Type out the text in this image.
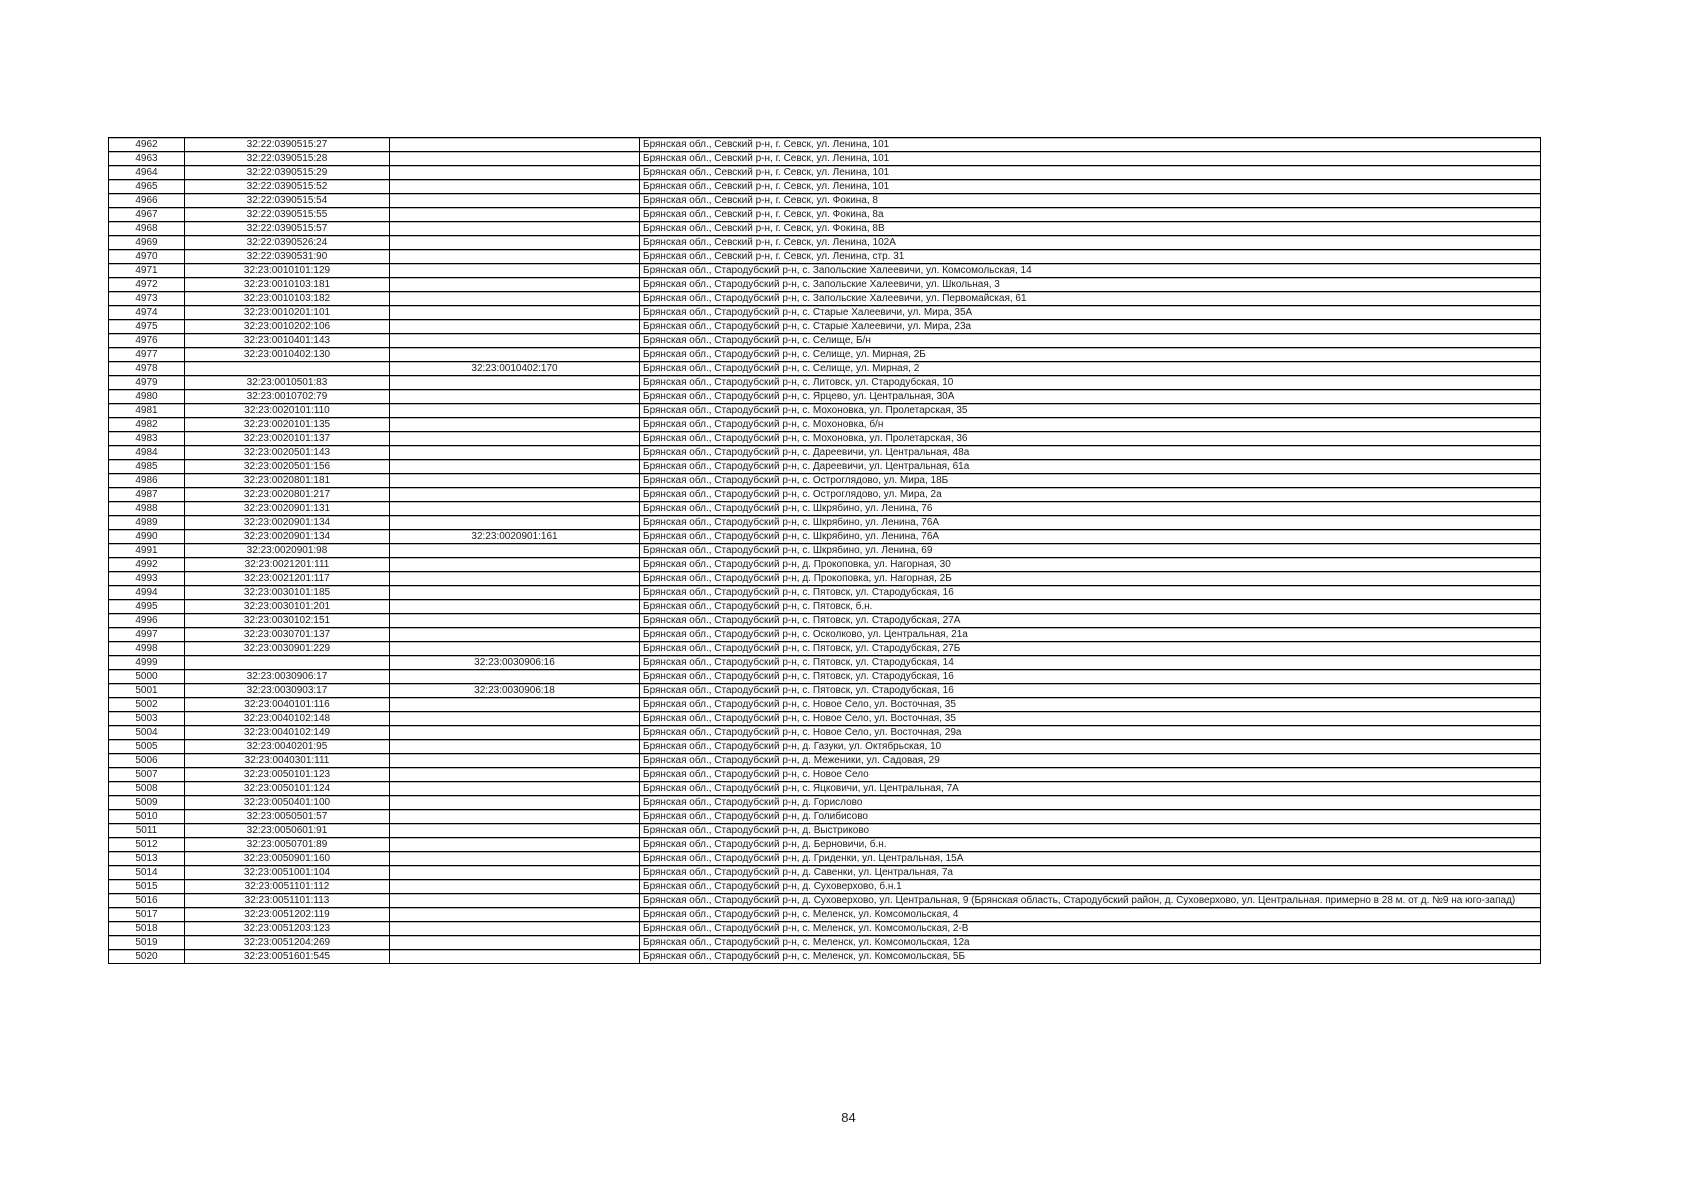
4962	32:22:0390515:27		Брянская обл., Севский р-н, г. Севск, ул. Ленина, 101
4963	32:22:0390515:28		Брянская обл., Севский р-н, г. Севск, ул. Ленина, 101
4964	32:22:0390515:29		Брянская обл., Севский р-н, г. Севск, ул. Ленина, 101
4965	32:22:0390515:52		Брянская обл., Севский р-н, г. Севск, ул. Ленина, 101
4966	32:22:0390515:54		Брянская обл., Севский р-н, г. Севск, ул. Фокина, 8
4967	32:22:0390515:55		Брянская обл., Севский р-н, г. Севск, ул. Фокина, 8а
4968	32:22:0390515:57		Брянская обл., Севский р-н, г. Севск, ул. Фокина, 8В
4969	32:22:0390526:24		Брянская обл., Севский р-н, г. Севск, ул. Ленина, 102А
4970	32:22:0390531:90		Брянская обл., Севский р-н, г. Севск, ул. Ленина, стр. 31
4971	32:23:0010101:129		Брянская обл., Стародубский р-н, с. Запольские Халеевичи, ул. Комсомольская, 14
4972	32:23:0010103:181		Брянская обл., Стародубский р-н, с. Запольские Халеевичи, ул. Школьная, 3
4973	32:23:0010103:182		Брянская обл., Стародубский р-н, с. Запольские Халеевичи, ул. Первомайская, 61
4974	32:23:0010201:101		Брянская обл., Стародубский р-н, с. Старые Халеевичи, ул. Мира, 35А
4975	32:23:0010202:106		Брянская обл., Стародубский р-н, с. Старые Халеевичи, ул. Мира, 23а
4976	32:23:0010401:143		Брянская обл., Стародубский р-н, с. Селище, Б/н
4977	32:23:0010402:130		Брянская обл., Стародубский р-н, с. Селище, ул. Мирная, 2Б
4978		32:23:0010402:170	Брянская обл., Стародубский р-н, с. Селище, ул. Мирная, 2
4979	32:23:0010501:83		Брянская обл., Стародубский р-н, с. Литовск, ул. Стародубская, 10
4980	32:23:0010702:79		Брянская обл., Стародубский р-н, с. Ярцево, ул. Центральная, 30А
4981	32:23:0020101:110		Брянская обл., Стародубский р-н, с. Мохоновка, ул. Пролетарская, 35
4982	32:23:0020101:135		Брянская обл., Стародубский р-н, с. Мохоновка, б/н
4983	32:23:0020101:137		Брянская обл., Стародубский р-н, с. Мохоновка, ул. Пролетарская, 36
4984	32:23:0020501:143		Брянская обл., Стародубский р-н, с. Дареевичи, ул. Центральная, 48а
4985	32:23:0020501:156		Брянская обл., Стародубский р-н, с. Дареевичи, ул. Центральная, 61а
4986	32:23:0020801:181		Брянская обл., Стародубский р-н, с. Остроглядово, ул. Мира, 18Б
4987	32:23:0020801:217		Брянская обл., Стародубский р-н, с. Остроглядово, ул. Мира, 2а
4988	32:23:0020901:131		Брянская обл., Стародубский р-н, с. Шкрябино, ул. Ленина, 76
4989	32:23:0020901:134		Брянская обл., Стародубский р-н, с. Шкрябино, ул. Ленина, 76А
4990	32:23:0020901:134	32:23:0020901:161	Брянская обл., Стародубский р-н, с. Шкрябино, ул. Ленина, 76А
4991	32:23:0020901:98		Брянская обл., Стародубский р-н, с. Шкрябино, ул. Ленина, 69
4992	32:23:0021201:111		Брянская обл., Стародубский р-н, д. Прокоповка, ул. Нагорная, 30
4993	32:23:0021201:117		Брянская обл., Стародубский р-н, д. Прокоповка, ул. Нагорная, 2Б
4994	32:23:0030101:185		Брянская обл., Стародубский р-н, с. Пятовск, ул. Стародубская, 16
4995	32:23:0030101:201		Брянская обл., Стародубский р-н, с. Пятовск, б.н.
4996	32:23:0030102:151		Брянская обл., Стародубский р-н, с. Пятовск, ул. Стародубская, 27А
4997	32:23:0030701:137		Брянская обл., Стародубский р-н, с. Осколково, ул. Центральная, 21а
4998	32:23:0030901:229		Брянская обл., Стародубский р-н, с. Пятовск, ул. Стародубская, 27Б
4999		32:23:0030906:16	Брянская обл., Стародубский р-н, с. Пятовск, ул. Стародубская, 14
5000	32:23:0030906:17		Брянская обл., Стародубский р-н, с. Пятовск, ул. Стародубская, 16
5001	32:23:0030903:17	32:23:0030906:18	Брянская обл., Стародубский р-н, с. Пятовск, ул. Стародубская, 16
5002	32:23:0040101:116		Брянская обл., Стародубский р-н, с. Новое Село, ул. Восточная, 35
5003	32:23:0040102:148		Брянская обл., Стародубский р-н, с. Новое Село, ул. Восточная, 35
5004	32:23:0040102:149		Брянская обл., Стародубский р-н, с. Новое Село, ул. Восточная, 29а
5005	32:23:0040201:95		Брянская обл., Стародубский р-н, д. Газуки, ул. Октябрьская, 10
5006	32:23:0040301:111		Брянская обл., Стародубский р-н, д. Меженики, ул. Садовая, 29
5007	32:23:0050101:123		Брянская обл., Стародубский р-н, с. Новое Село
5008	32:23:0050101:124		Брянская обл., Стародубский р-н, с. Яцковичи, ул. Центральная, 7А
5009	32:23:0050401:100		Брянская обл., Стародубский р-н, д. Горислово
5010	32:23:0050501:57		Брянская обл., Стародубский р-н, д. Голибисово
5011	32:23:0050601:91		Брянская обл., Стародубский р-н, д. Выстриково
5012	32:23:0050701:89		Брянская обл., Стародубский р-н, д. Берновичи, б.н.
5013	32:23:0050901:160		Брянская обл., Стародубский р-н, д. Гриденки, ул. Центральная, 15А
5014	32:23:0051001:104		Брянская обл., Стародубский р-н, д. Савенки, ул. Центральная, 7а
5015	32:23:0051101:112		Брянская обл., Стародубский р-н, д. Суховерхово, б.н.1
5016	32:23:0051101:113		Брянская обл., Стародубский р-н, д. Суховерхово, ул. Центральная, 9 (Брянская область, Стародубский район, д. Суховерхово, ул. Центральная. примерно в 28 м. от д. №9 на юго-запад)
5017	32:23:0051202:119		Брянская обл., Стародубский р-н, с. Меленск, ул. Комсомольская, 4
5018	32:23:0051203:123		Брянская обл., Стародубский р-н, с. Меленск, ул. Комсомольская, 2-В
5019	32:23:0051204:269		Брянская обл., Стародубский р-н, с. Меленск, ул. Комсомольская, 12а
5020	32:23:0051601:545		Брянская обл., Стародубский р-н, с. Меленск, ул. Комсомольская, 5Б
84
